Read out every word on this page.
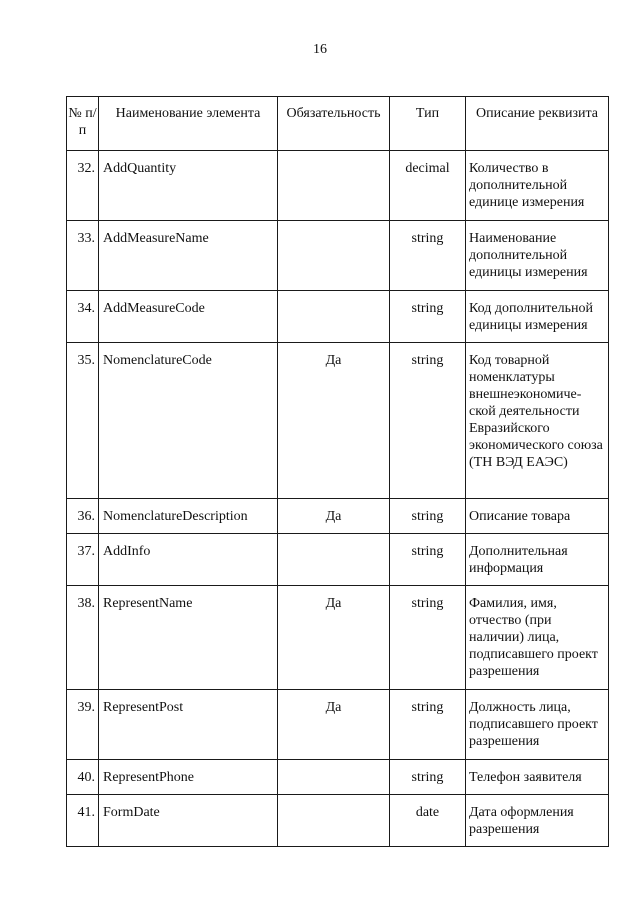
16
№ п/п	Наименование элемента	Обязательность	Тип	Описание реквизита
32.	AddQuantity		decimal	Количество в дополнительной единице измерения
33.	AddMeasureName		string	Наименование дополнительной единицы измерения
34.	AddMeasureCode		string	Код дополнительной единицы измерения
35.	NomenclatureCode	Да	string	Код товарной номенклатуры внешнеэкономиче-ской деятельности Евразийского экономического союза (ТН ВЭД ЕАЭС)
36.	NomenclatureDescription	Да	string	Описание товара
37.	AddInfo		string	Дополнительная информация
38.	RepresentName	Да	string	Фамилия, имя, отчество (при наличии) лица, подписавшего проект разрешения
39.	RepresentPost	Да	string	Должность лица, подписавшего проект разрешения
40.	RepresentPhone		string	Телефон заявителя
41.	FormDate		date	Дата оформления разрешения
